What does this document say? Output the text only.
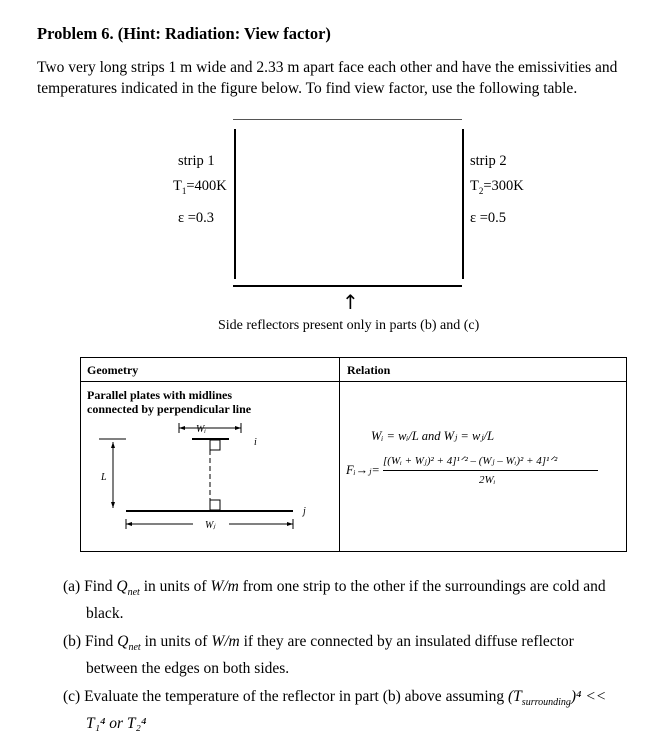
Problem 6. (Hint: Radiation: View factor)

Two very long strips 1 m wide and 2.33 m apart face each other and have the emissivities and

temperatures indicated in the figure below. To find view factor, use the following table.

strip 1
$T_1=400K$
ε =0.3
strip 2
$T_2=300K$
ε =0.5
↑
Side reflectors present only in parts (b) and (c)
Geometry	Relation
Parallel plates with midlines
connected by perpendicular line
Wᵢ
i
L
Wⱼ
j
Wᵢ = wᵢ/L and Wⱼ = wⱼ/L
Fᵢ→ⱼ=
[(Wᵢ + Wⱼ)² + 4]¹ᐟ² – (Wⱼ – Wᵢ)² + 4]¹ᐟ²
2Wᵢ

(a) Find $Q_{net}$ in units of W/m from one strip to the other if the surroundings are cold and

black.

(b) Find $Q_{net}$ in units of W/m if they are connected by an insulated diffuse reflector

between the edges on both sides.

(c) Evaluate the temperature of the reflector in part (b) above assuming $(T_{surrounding})^4$ <<

T₁⁴ or T₂⁴
